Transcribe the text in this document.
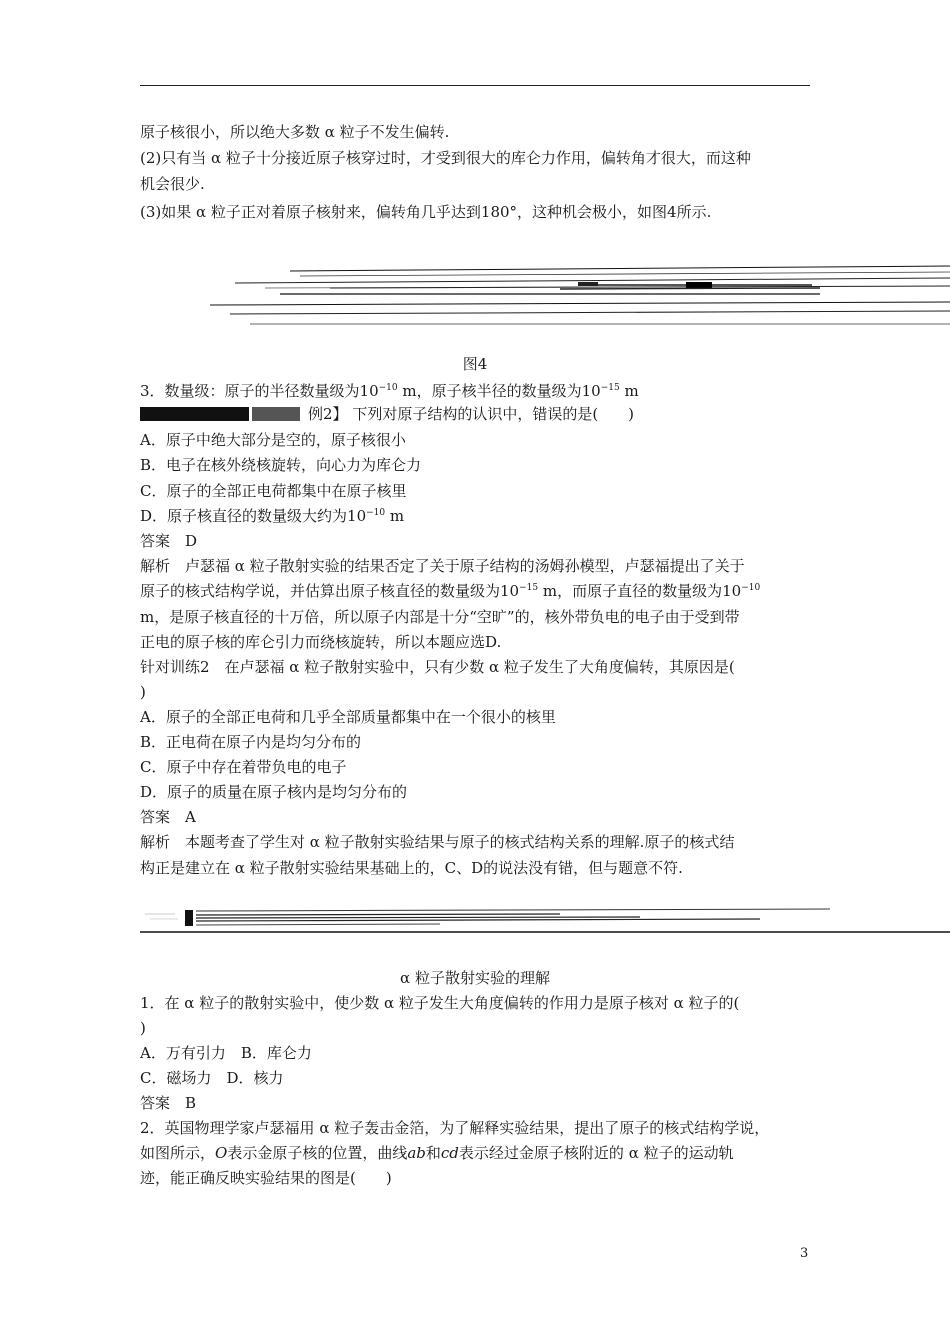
原子核很小，所以绝大多数 α 粒子不发生偏转.
(2)只有当 α 粒子十分接近原子核穿过时，才受到很大的库仑力作用，偏转角才很大，而这种
机会很少.
(3)如果 α 粒子正对着原子核射来，偏转角几乎达到180°，这种机会极小，如图4所示.
图4
3．数量级：原子的半径数量级为$10^{-10}$ m，原子核半径的数量级为$10^{-15}$ m
例2】 下列对原子结构的认识中，错误的是(　　)
A．原子中绝大部分是空的，原子核很小
B．电子在核外绕核旋转，向心力为库仑力
C．原子的全部正电荷都集中在原子核里
D．原子核直径的数量级大约为$10^{-10}$ m
答案　D
解析　卢瑟福 α 粒子散射实验的结果否定了关于原子结构的汤姆孙模型，卢瑟福提出了关于
原子的核式结构学说，并估算出原子核直径的数量级为$10^{-15}$ m，而原子直径的数量级为$10^{-10}$
m，是原子核直径的十万倍，所以原子内部是十分“空旷”的，核外带负电的电子由于受到带
正电的原子核的库仑引力而绕核旋转，所以本题应选D.
针对训练2　在卢瑟福 α 粒子散射实验中，只有少数 α 粒子发生了大角度偏转，其原因是(
)
A．原子的全部正电荷和几乎全部质量都集中在一个很小的核里
B．正电荷在原子内是均匀分布的
C．原子中存在着带负电的电子
D．原子的质量在原子核内是均匀分布的
答案　A
解析　本题考查了学生对 α 粒子散射实验结果与原子的核式结构关系的理解.原子的核式结
构正是建立在 α 粒子散射实验结果基础上的，C、D的说法没有错，但与题意不符.
α 粒子散射实验的理解
1．在 α 粒子的散射实验中，使少数 α 粒子发生大角度偏转的作用力是原子核对 α 粒子的(
)
A．万有引力　B．库仑力
C．磁场力　D．核力
答案　B
2．英国物理学家卢瑟福用 α 粒子轰击金箔，为了解释实验结果，提出了原子的核式结构学说，
如图所示，O表示金原子核的位置，曲线ab和cd表示经过金原子核附近的 α 粒子的运动轨
迹，能正确反映实验结果的图是(　　)
3
